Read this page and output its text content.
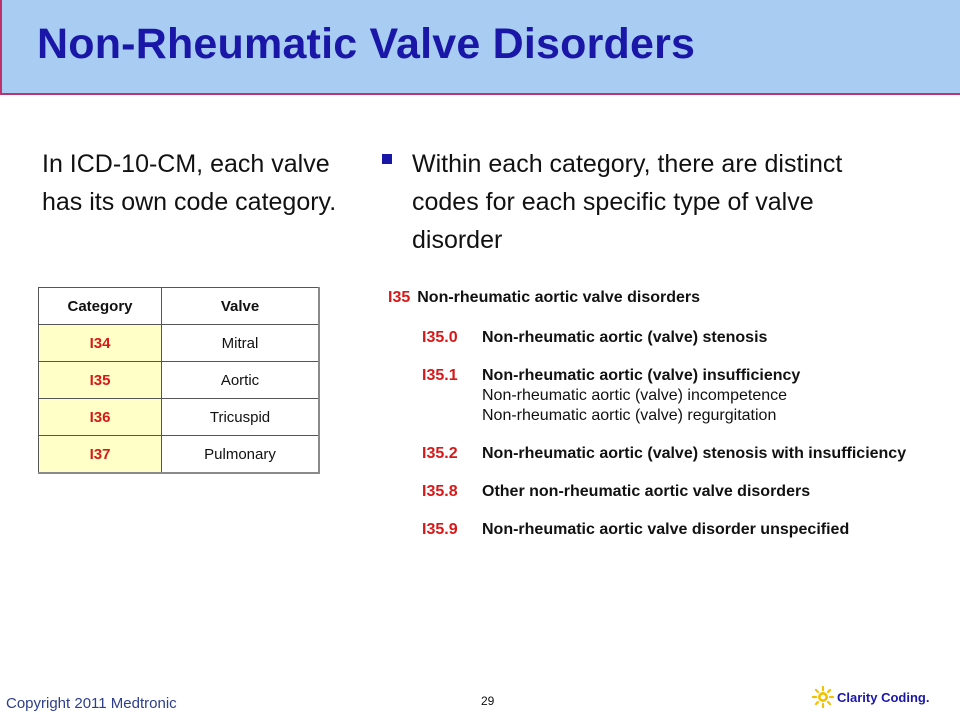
Non-Rheumatic Valve Disorders
In ICD-10-CM, each valve has its own code category.
Within each category, there are distinct codes for each specific type of valve disorder
Category	Valve
I34	Mitral
I35	Aortic
I36	Tricuspid
I37	Pulmonary
I35 Non-rheumatic aortic valve disorders
I35.0	Non-rheumatic aortic (valve) stenosis
I35.1	Non-rheumatic aortic (valve) insufficiency
Non-rheumatic aortic (valve) incompetence
Non-rheumatic aortic (valve) regurgitation
I35.2	Non-rheumatic aortic (valve) stenosis with insufficiency
I35.8	Other non-rheumatic aortic valve disorders
I35.9	Non-rheumatic aortic valve disorder unspecified
Copyright 2011 Medtronic	29	Clarity Coding.
